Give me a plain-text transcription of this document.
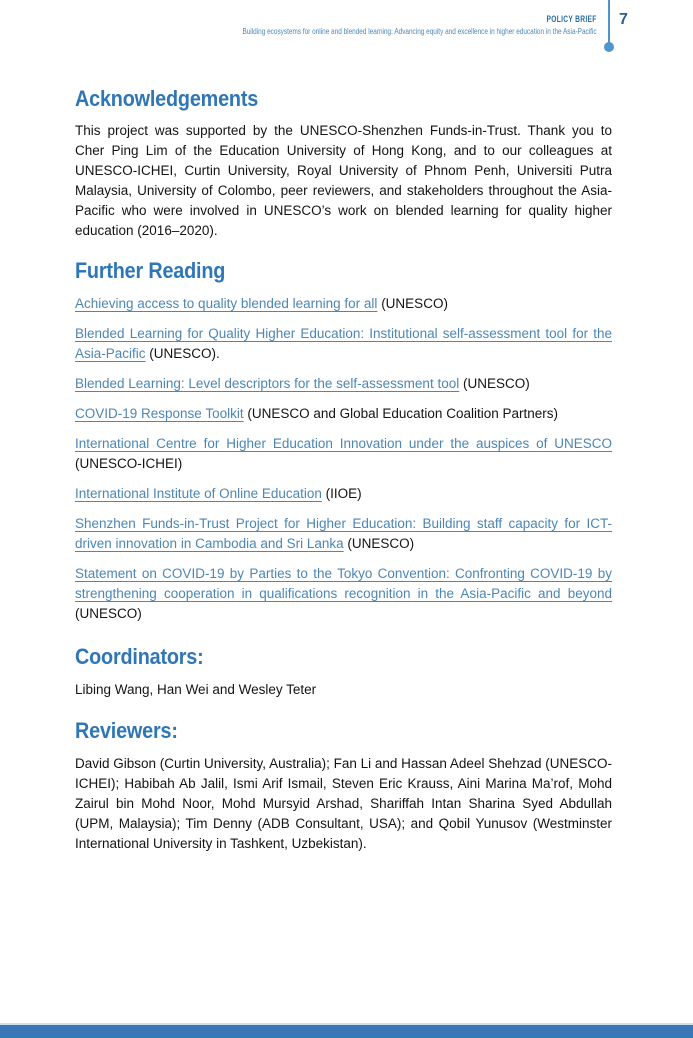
POLICY BRIEF
Building ecosystems for online and blended learning: Advancing equity and excellence in higher education in the Asia-Pacific
7
Acknowledgements

This project was supported by the UNESCO-Shenzhen Funds-in-Trust. Thank you to Cher Ping Lim of the Education University of Hong Kong, and to our colleagues at UNESCO-ICHEI, Curtin University, Royal University of Phnom Penh, Universiti Putra Malaysia, University of Colombo, peer reviewers, and stakeholders throughout the Asia-Pacific who were involved in UNESCO’s work on blended learning for quality higher education (2016–2020).

Further Reading

Achieving access to quality blended learning for all (UNESCO)

Blended Learning for Quality Higher Education: Institutional self-assessment tool for the Asia-Pacific (UNESCO).

Blended Learning: Level descriptors for the self-assessment tool (UNESCO)

COVID-19 Response Toolkit (UNESCO and Global Education Coalition Partners)

International Centre for Higher Education Innovation under the auspices of UNESCO (UNESCO-ICHEI)

International Institute of Online Education (IIOE)

Shenzhen Funds-in-Trust Project for Higher Education: Building staff capacity for ICT-driven innovation in Cambodia and Sri Lanka (UNESCO)

Statement on COVID-19 by Parties to the Tokyo Convention: Confronting COVID-19 by strengthening cooperation in qualifications recognition in the Asia-Pacific and beyond (UNESCO)

Coordinators:

Libing Wang, Han Wei and Wesley Teter

Reviewers:

David Gibson (Curtin University, Australia); Fan Li and Hassan Adeel Shehzad (UNESCO-ICHEI); Habibah Ab Jalil, Ismi Arif Ismail, Steven Eric Krauss, Aini Marina Ma’rof, Mohd Zairul bin Mohd Noor, Mohd Mursyid Arshad, Shariffah Intan Sharina Syed Abdullah (UPM, Malaysia); Tim Denny (ADB Consultant, USA); and Qobil Yunusov (Westminster International University in Tashkent, Uzbekistan).
